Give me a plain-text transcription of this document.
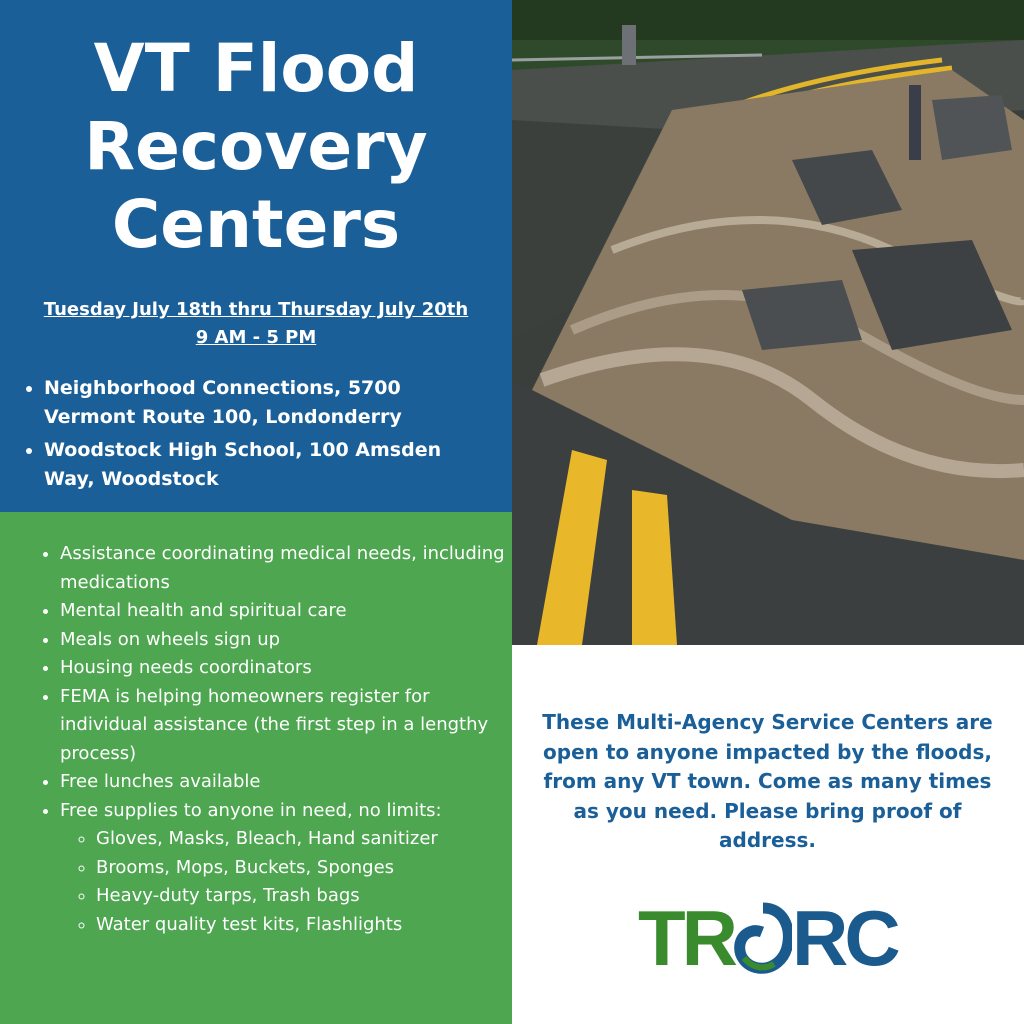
VT Flood
Recovery
Centers
Tuesday July 18th thru Thursday July 20th
9 AM - 5 PM
• Neighborhood Connections, 5700 Vermont Route 100, Londonderry
• Woodstock High School, 100 Amsden Way, Woodstock
• Assistance coordinating medical needs, including medications
• Mental health and spiritual care
• Meals on wheels sign up
• Housing needs coordinators
• FEMA is helping homeowners register for individual assistance (the first step in a lengthy process)
• Free lunches available
• Free supplies to anyone in need, no limits:
◦ Gloves, Masks, Bleach, Hand sanitizer
◦ Brooms, Mops, Buckets, Sponges
◦ Heavy-duty tarps, Trash bags
◦ Water quality test kits, Flashlights

These Multi-Agency Service Centers are open to anyone impacted by the floods, from any VT town. Come as many times as you need. Please bring proof of address.

TR RC
